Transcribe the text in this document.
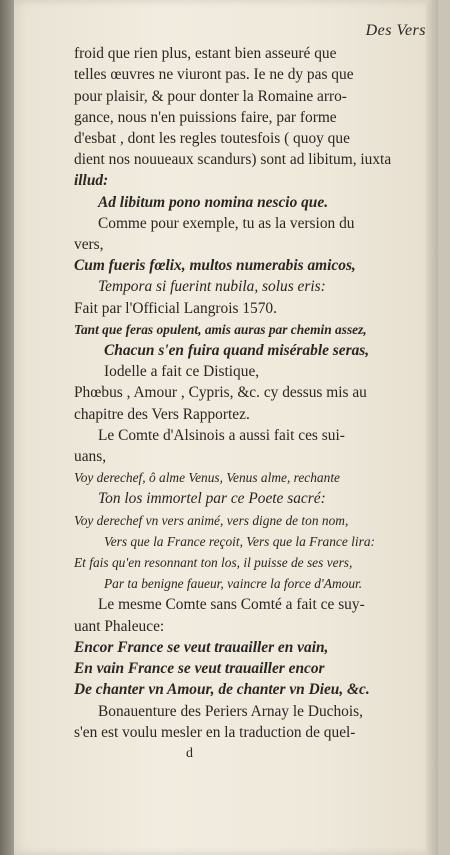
Des Vers
froid que rien plus, estant bien asseuré que
telles œuvres ne viuront pas. Ie ne dy pas que
pour plaisir, & pour donter la Romaine arro-
gance, nous n'en puissions faire, par forme
d'esbat , dont les regles toutesfois ( quoy que
dient nos nouueaux scandurs) sont ad libitum, iuxta
illud:
Ad libitum pono nomina nescio que.
Comme pour exemple, tu as la version du
vers,
Cum fueris fœlix, multos numerabis amicos,
Tempora si fuerint nubila, solus eris:
Fait par l'Official Langrois 1570.
Tant que feras opulent, amis auras par chemin assez,
Chacun s'en fuira quand misérable seras,
Iodelle a fait ce Distique,
Phœbus , Amour , Cypris, &c. cy dessus mis au
chapitre des Vers Rapportez.
Le Comte d'Alsinois a aussi fait ces sui-
uans,
Voy derechef, ô alme Venus, Venus alme, rechante
Ton los immortel par ce Poete sacré:
Voy derechef vn vers animé, vers digne de ton nom,
Vers que la France reçoit, Vers que la France lira:
Et fais qu'en resonnant ton los, il puisse de ses vers,
Par ta benigne faueur, vaincre la force d'Amour.
Le mesme Comte sans Comté a fait ce suy-
uant Phaleuce:
Encor France se veut trauailler en vain,
En vain France se veut trauailler encor
De chanter vn Amour, de chanter vn Dieu, &c.
Bonauenture des Periers Arnay le Duchois,
s'en est voulu mesler en la traduction de quel-
d
